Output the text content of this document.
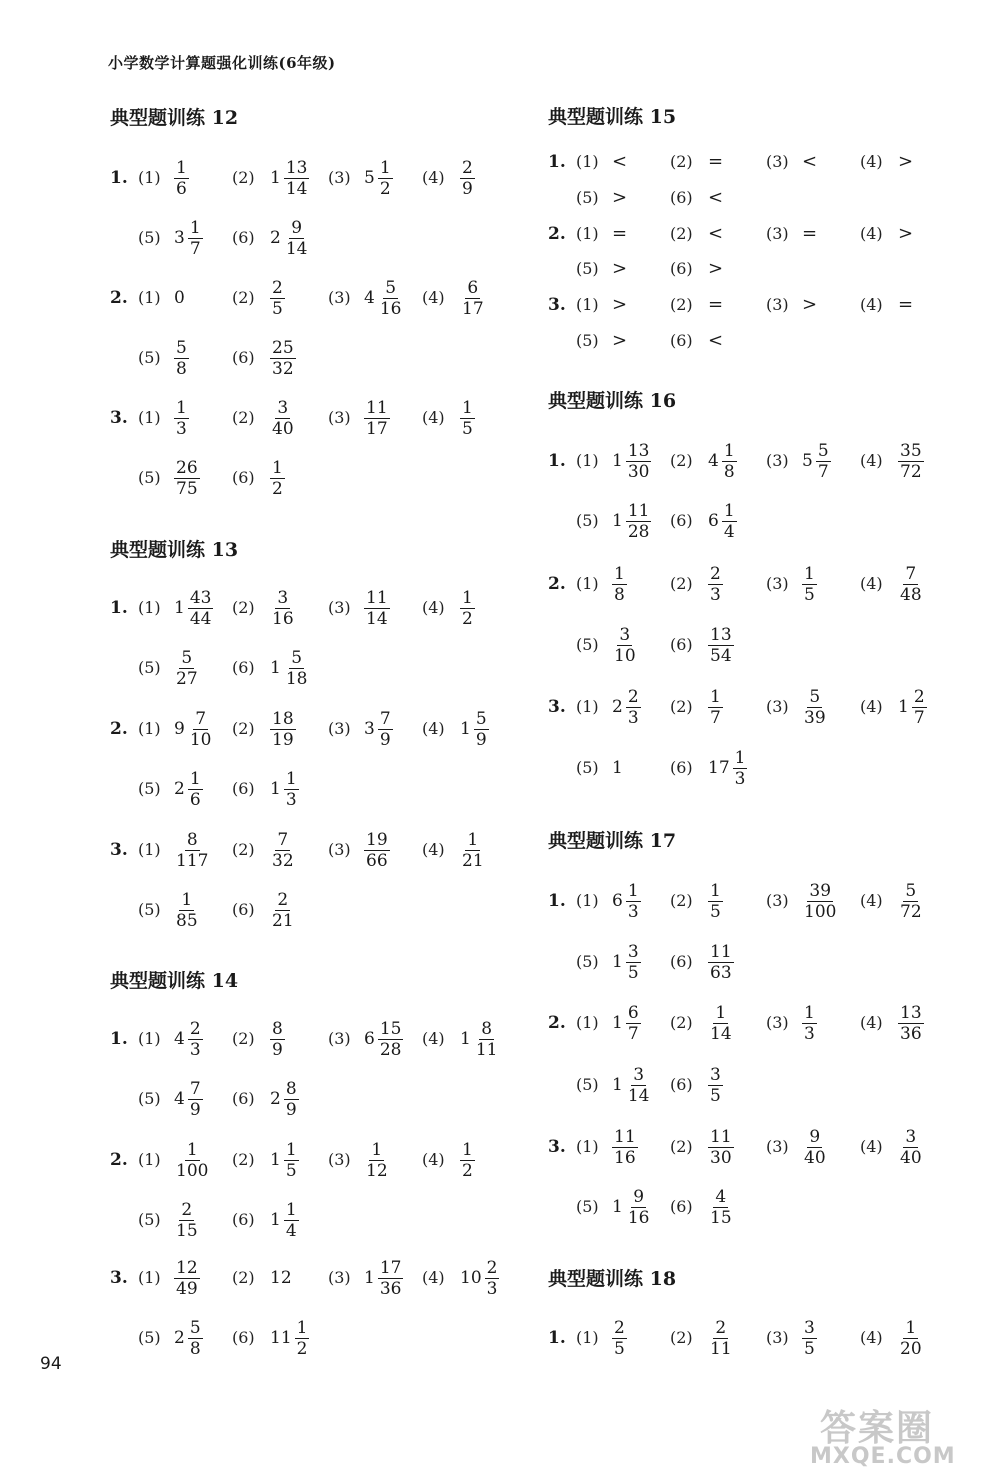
小学数学计算题强化训练(6年级)
典型题训练 12
1. $(1) \frac{1}{6}$	(2) $1 \frac{13}{14} (3)$ $5 \frac{1}{2} (4) \frac{2}{9}$
(5) $3 \frac{1}{7} (6)$ $2 \frac{9}{14}$
2. (1) 0	$(2) \frac{2}{5}$	(3) $4 \frac{5}{16} (4) \frac{6}{17}$
$(5) \frac{5}{8}$	$(6) \frac{25}{32}$
3. $(1) \frac{1}{3}$	$(2) \frac{3}{40} (3) \frac{11}{17} (4) \frac{1}{5}$
$(5) \frac{26}{75} (6) \frac{1}{2}$
典型题训练 13
1. (1) $1 \frac{43}{44} (2) \frac{3}{16} (3) \frac{11}{14} (4) \frac{1}{2}$
$(5) \frac{5}{27} (6)$ $1 \frac{5}{18}$
2. (1) $9 \frac{7}{10} (2) \frac{18}{19} (3)$ $3 \frac{7}{9} (4)$ $1 \frac{5}{9}$
(5) $2 \frac{1}{6} (6)$ $1 \frac{1}{3}$
3. $(1) \frac{8}{117} (2) \frac{7}{32} (3) \frac{19}{66} (4) \frac{1}{21}$
$(5) \frac{1}{85} (6) \frac{2}{21}$
典型题训练 14
1. (1) $4 \frac{2}{3} (2) \frac{8}{9}$	(3) $6 \frac{15}{28} (4)$ $1 \frac{8}{11}$
(5) $4 \frac{7}{9} (6)$ $2 \frac{8}{9}$
2. $(1) \frac{1}{100} (2)$ $1 \frac{1}{5} (3) \frac{1}{12} (4) \frac{1}{2}$
$(5) \frac{2}{15} (6)$ $1 \frac{1}{4}$
3. $(1) \frac{12}{49} (2)$ 12 (3) $1 \frac{17}{36} (4)$ $10 \frac{2}{3}$
(5) $2 \frac{5}{8} (6)$ $11 \frac{1}{2}$
典型题训练 15
1. (1) <	(2) =	(3) <	(4) >
(5) >	(6) <
2. (1) =	(2) <	(3) =	(4) >
(5) >	(6) >
3. (1) >	(2) =	(3) >	(4) =
(5) >	(6) <
典型题训练 16
1. (1) $1 \frac{13}{30} (2)$ $4 \frac{1}{8} (3)$ $5 \frac{5}{7} (4) \frac{35}{72}$
(5) $1 \frac{11}{28} (6)$ $6 \frac{1}{4}$
2. $(1) \frac{1}{8}$	$(2) \frac{2}{3}$	$(3) \frac{1}{5}$	$(4) \frac{7}{48}$
$(5) \frac{3}{10} (6) \frac{13}{54}$
3. (1) $2 \frac{2}{3} (2) \frac{1}{7}$	$(3) \frac{5}{39} (4)$ $1 \frac{2}{7}$
(5) 1	(6) $17 \frac{1}{3}$
典型题训练 17
1. (1) $6 \frac{1}{3} (2) \frac{1}{5}$	$(3) \frac{39}{100} (4) \frac{5}{72}$
(5) $1 \frac{3}{5} (6) \frac{11}{63}$
2. (1) $1 \frac{6}{7} (2) \frac{1}{14} (3) \frac{1}{3}$	$(4) \frac{13}{36}$
(5) $1 \frac{3}{14} (6) \frac{3}{5}$
3. $(1) \frac{11}{16} (2) \frac{11}{30} (3) \frac{9}{40} (4) \frac{3}{40}$
(5) $1 \frac{9}{16} (6) \frac{4}{15}$
典型题训练 18
1. $(1) \frac{2}{5}$	$(2) \frac{2}{11} (3) \frac{3}{5}$	$(4) \frac{1}{20}$
94
答案圈
MXQE.COM
